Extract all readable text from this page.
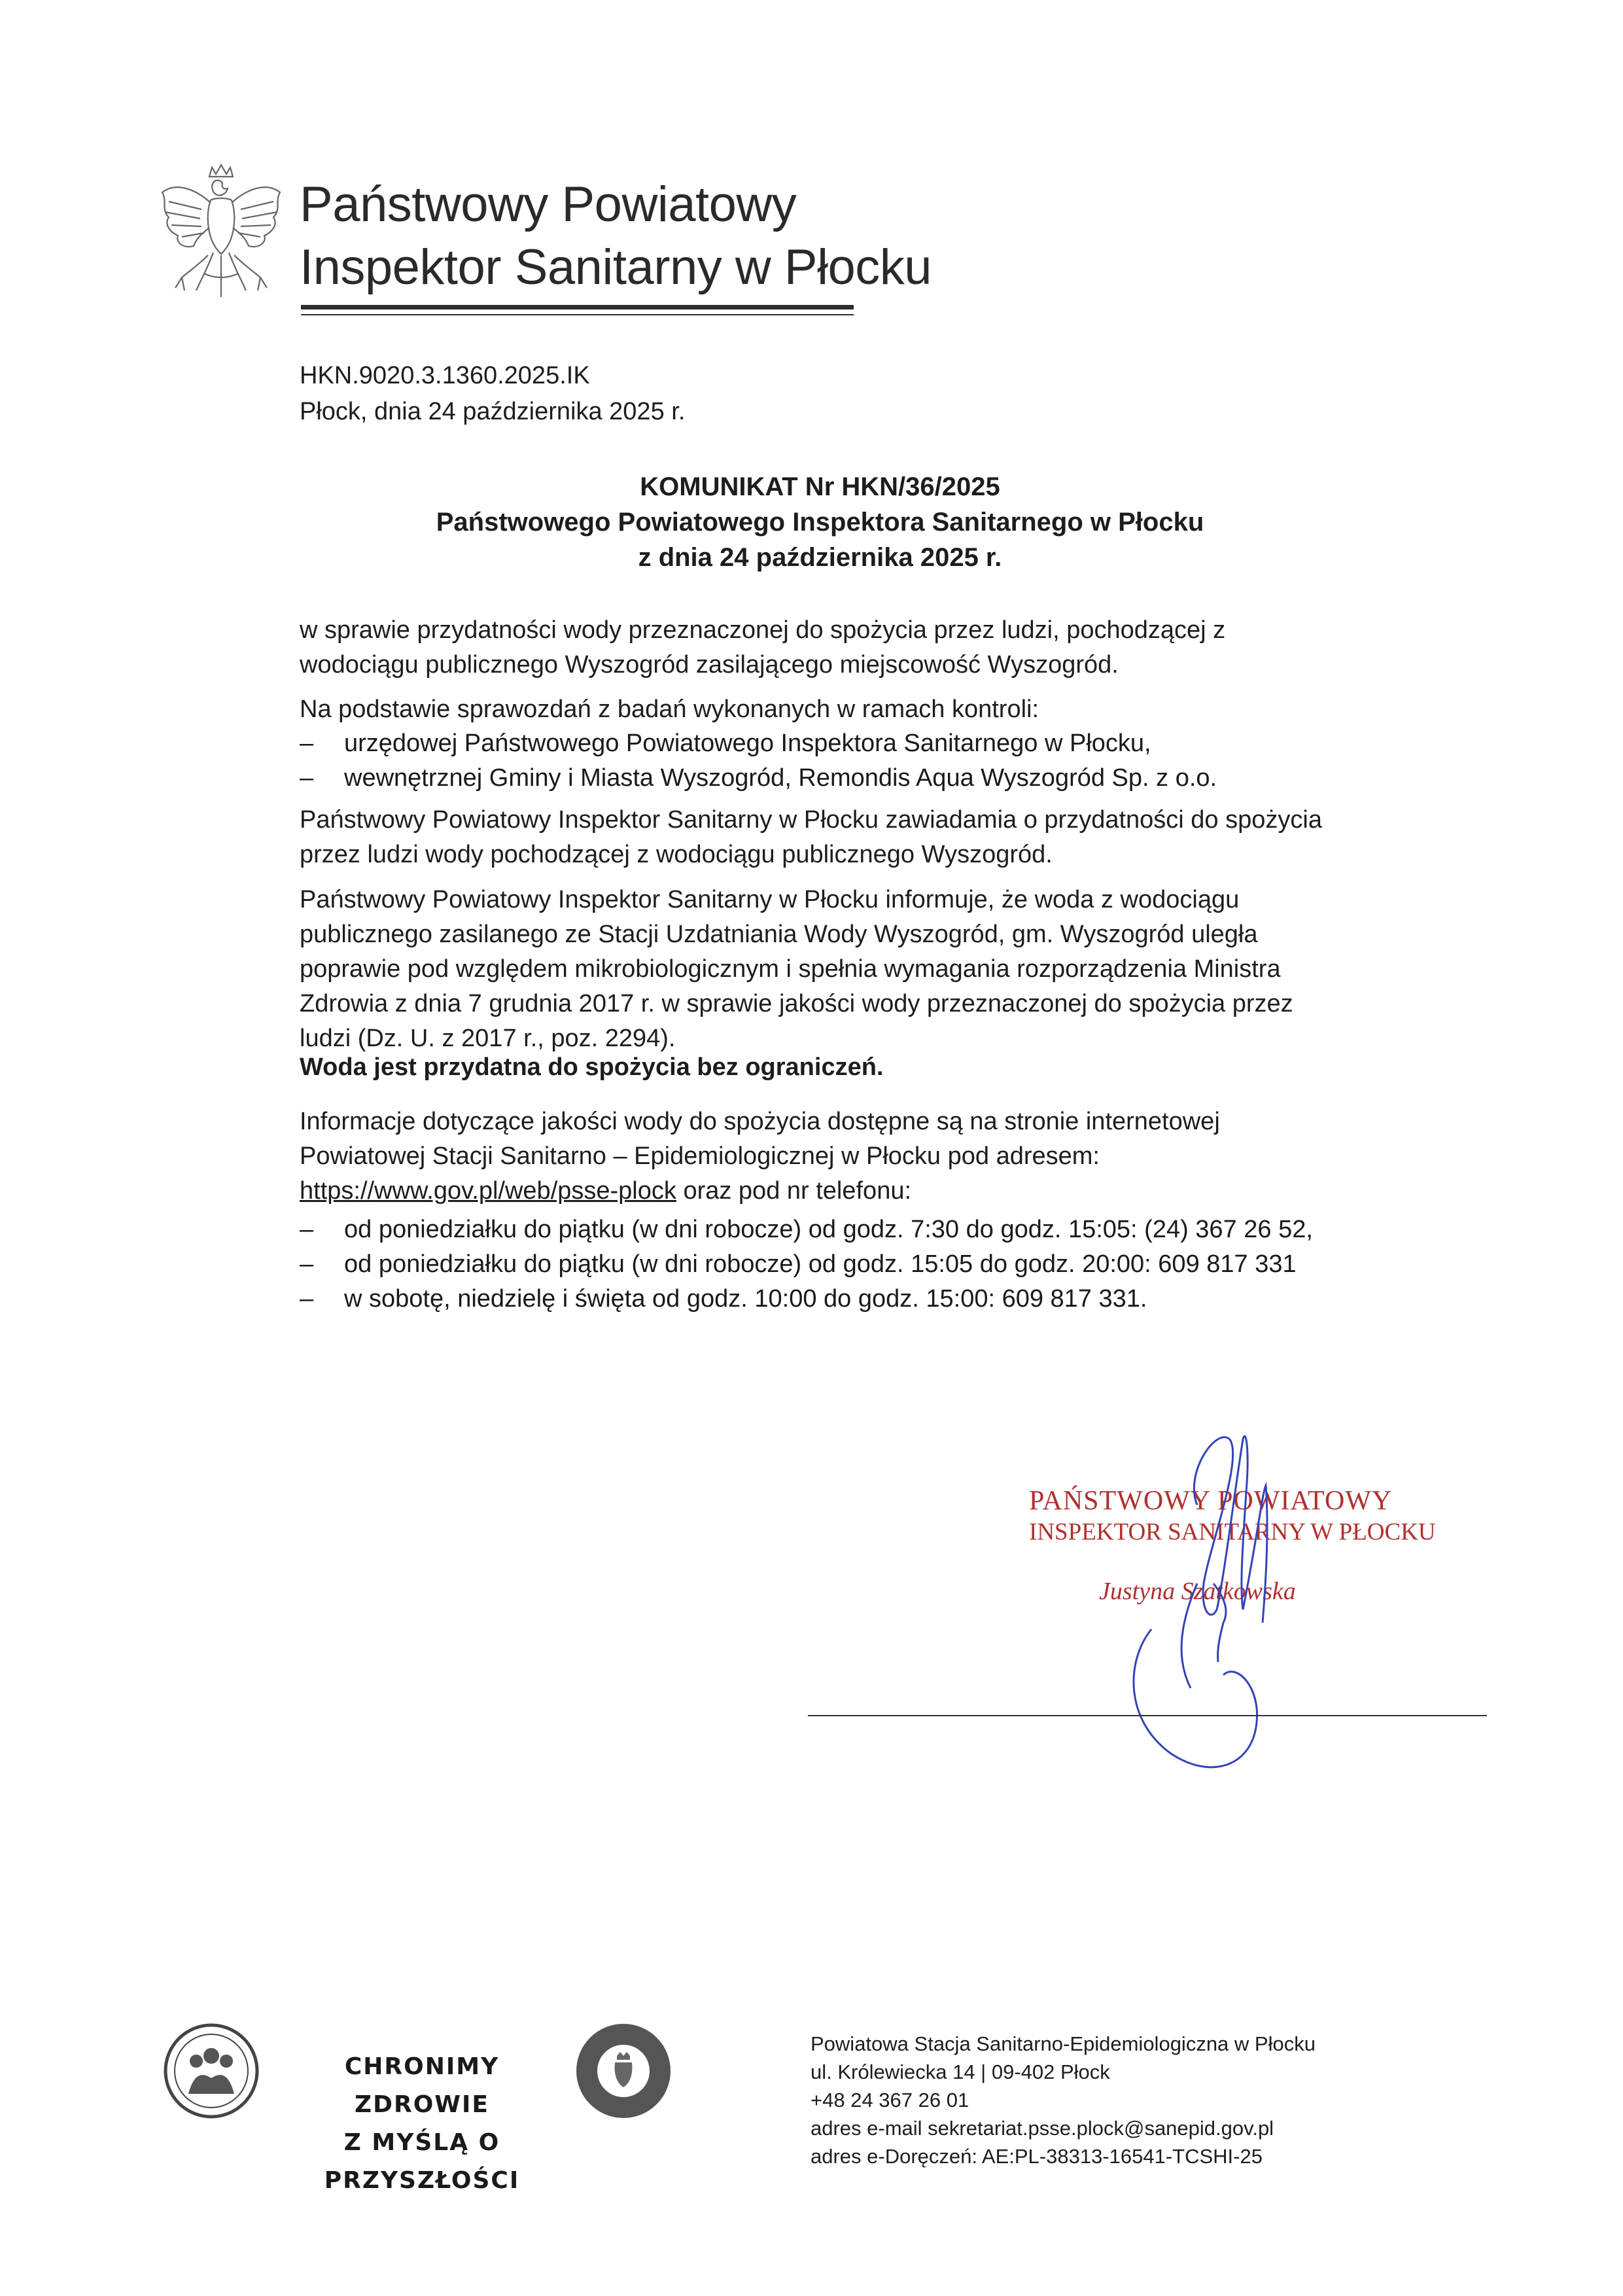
Państwowy Powiatowy
Inspektor Sanitarny w Płocku
HKN.9020.3.1360.2025.IK
Płock, dnia 24 października 2025 r.
KOMUNIKAT Nr HKN/36/2025
Państwowego Powiatowego Inspektora Sanitarnego w Płocku
z dnia 24 października 2025 r.
w sprawie przydatności wody przeznaczonej do spożycia przez ludzi, pochodzącej z wodociągu publicznego Wyszogród zasilającego miejscowość Wyszogród.
Na podstawie sprawozdań z badań wykonanych w ramach kontroli:
– urzędowej Państwowego Powiatowego Inspektora Sanitarnego w Płocku,
– wewnętrznej Gminy i Miasta Wyszogród, Remondis Aqua Wyszogród Sp. z o.o.
Państwowy Powiatowy Inspektor Sanitarny w Płocku zawiadamia o przydatności do spożycia przez ludzi wody pochodzącej z wodociągu publicznego Wyszogród.
Państwowy Powiatowy Inspektor Sanitarny w Płocku informuje, że woda z wodociągu publicznego zasilanego ze Stacji Uzdatniania Wody Wyszogród, gm. Wyszogród uległa poprawie pod względem mikrobiologicznym i spełnia wymagania rozporządzenia Ministra Zdrowia z dnia 7 grudnia 2017 r. w sprawie jakości wody przeznaczonej do spożycia przez ludzi (Dz. U. z 2017 r., poz. 2294).
Woda jest przydatna do spożycia bez ograniczeń.
Informacje dotyczące jakości wody do spożycia dostępne są na stronie internetowej Powiatowej Stacji Sanitarno – Epidemiologicznej w Płocku pod adresem:
https://www.gov.pl/web/psse-plock oraz pod nr telefonu:
– od poniedziałku do piątku (w dni robocze) od godz. 7:30 do godz. 15:05: (24) 367 26 52,
– od poniedziałku do piątku (w dni robocze) od godz. 15:05 do godz. 20:00: 609 817 331
– w sobotę, niedzielę i święta od godz. 10:00 do godz. 15:00: 609 817 331.
PAŃSTWOWY POWIATOWY
INSPEKTOR SANITARNY W PŁOCKU
Justyna Szatkowska
CHRONIMY ZDROWIE
Z MYŚLĄ O PRZYSZŁOŚCI
Powiatowa Stacja Sanitarno-Epidemiologiczna w Płocku
ul. Królewiecka 14 | 09-402 Płock
+48 24 367 26 01
adres e-mail sekretariat.psse.plock@sanepid.gov.pl
adres e-Doręczeń: AE:PL-38313-16541-TCSHI-25
